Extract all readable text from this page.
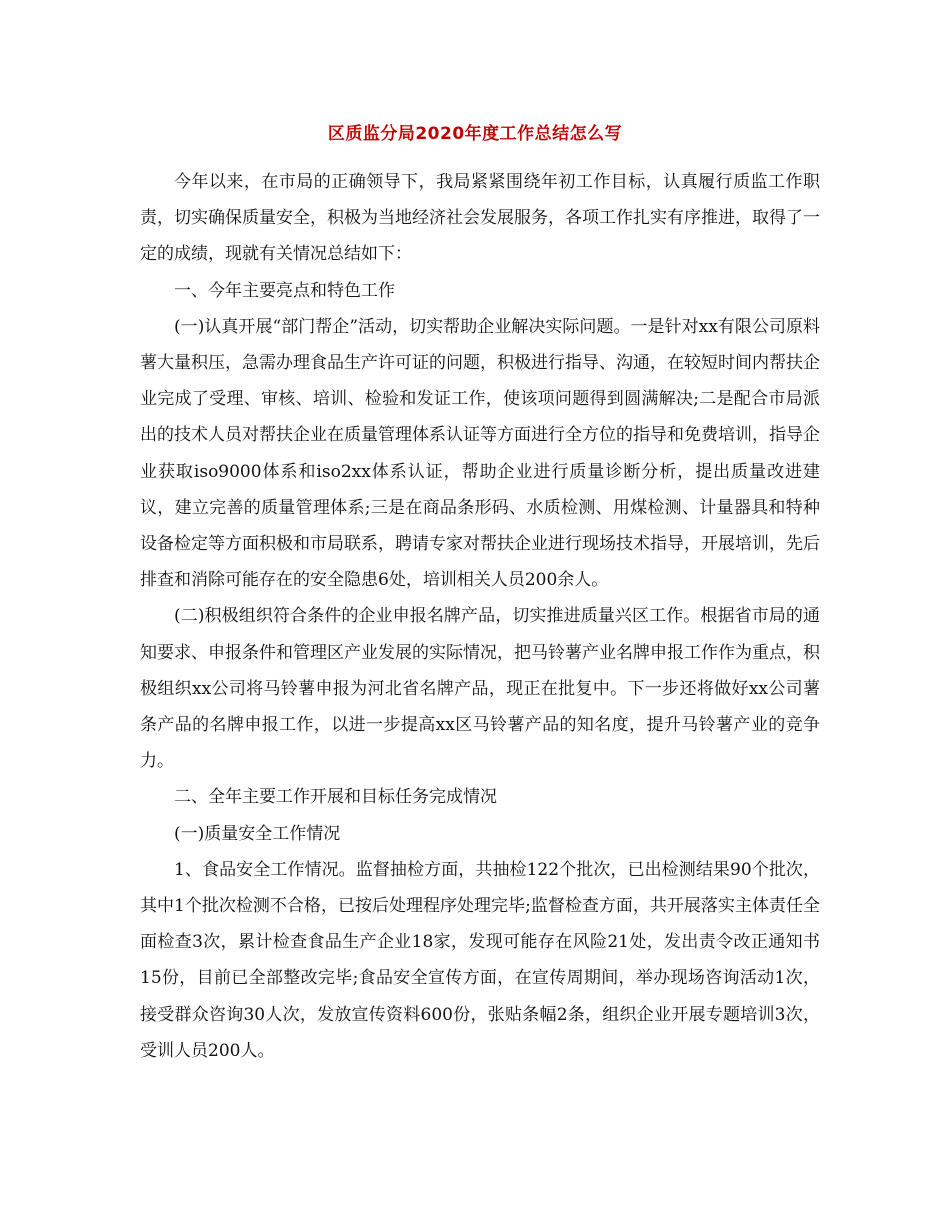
区质监分局2020年度工作总结怎么写

今年以来，在市局的正确领导下，我局紧紧围绕年初工作目标，认真履行质监工作职责，切实确保质量安全，积极为当地经济社会发展服务，各项工作扎实有序推进，取得了一定的成绩，现就有关情况总结如下：

一、今年主要亮点和特色工作

(一)认真开展“部门帮企”活动，切实帮助企业解决实际问题。一是针对xx有限公司原料薯大量积压，急需办理食品生产许可证的问题，积极进行指导、沟通，在较短时间内帮扶企业完成了受理、审核、培训、检验和发证工作，使该项问题得到圆满解决;二是配合市局派出的技术人员对帮扶企业在质量管理体系认证等方面进行全方位的指导和免费培训，指导企业获取iso9000体系和iso2xx体系认证，帮助企业进行质量诊断分析，提出质量改进建议，建立完善的质量管理体系;三是在商品条形码、水质检测、用煤检测、计量器具和特种设备检定等方面积极和市局联系，聘请专家对帮扶企业进行现场技术指导，开展培训，先后排查和消除可能存在的安全隐患6处，培训相关人员200余人。

(二)积极组织符合条件的企业申报名牌产品，切实推进质量兴区工作。根据省市局的通知要求、申报条件和管理区产业发展的实际情况，把马铃薯产业名牌申报工作作为重点，积极组织xx公司将马铃薯申报为河北省名牌产品，现正在批复中。下一步还将做好xx公司薯条产品的名牌申报工作，以进一步提高xx区马铃薯产品的知名度，提升马铃薯产业的竞争力。

二、全年主要工作开展和目标任务完成情况

(一)质量安全工作情况

1、食品安全工作情况。监督抽检方面，共抽检122个批次，已出检测结果90个批次，其中1个批次检测不合格，已按后处理程序处理完毕;监督检查方面，共开展落实主体责任全面检查3次，累计检查食品生产企业18家，发现可能存在风险21处，发出责令改正通知书15份，目前已全部整改完毕;食品安全宣传方面，在宣传周期间，举办现场咨询活动1次，接受群众咨询30人次，发放宣传资料600份，张贴条幅2条，组织企业开展专题培训3次，受训人员200人。
